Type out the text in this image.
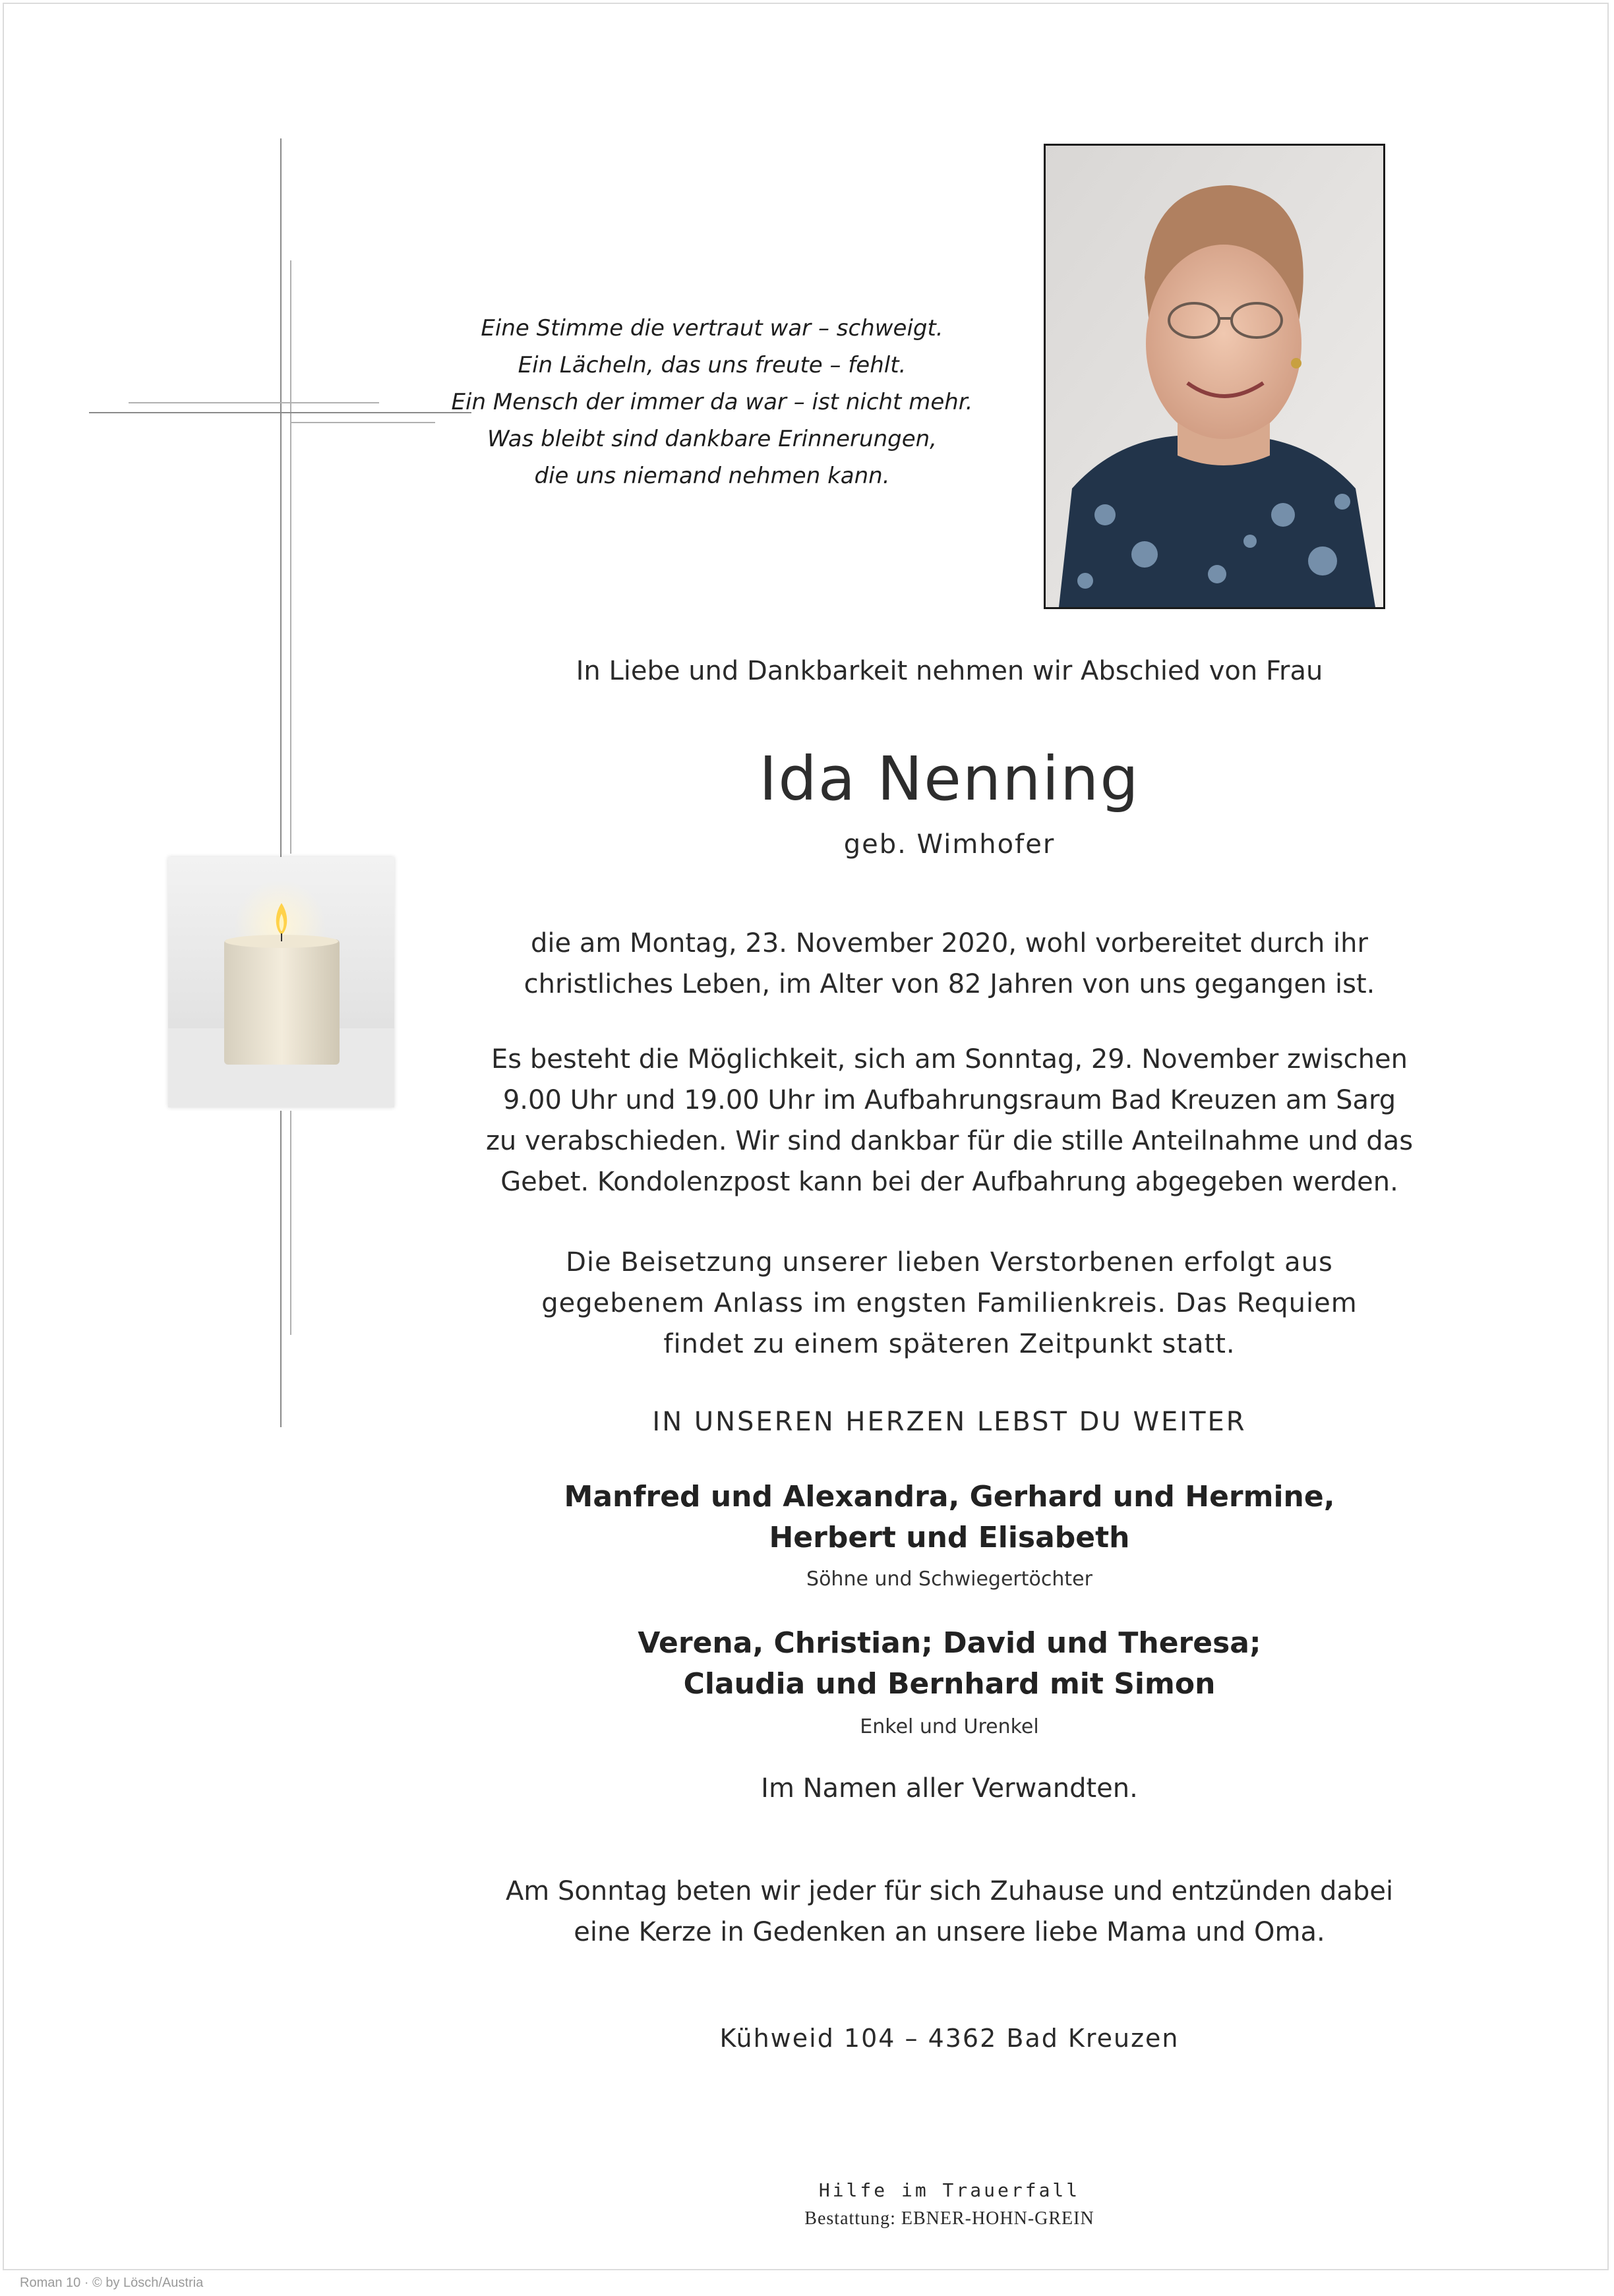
Eine Stimme die vertraut war – schweigt.
Ein Lächeln, das uns freute – fehlt.
Ein Mensch der immer da war – ist nicht mehr.
Was bleibt sind dankbare Erinnerungen,
die uns niemand nehmen kann.
In Liebe und Dankbarkeit nehmen wir Abschied von Frau
Ida Nenning
geb. Wimhofer
die am Montag, 23. November 2020, wohl vorbereitet durch ihr
christliches Leben, im Alter von 82 Jahren von uns gegangen ist.
Es besteht die Möglichkeit, sich am Sonntag, 29. November zwischen
9.00 Uhr und 19.00 Uhr im Aufbahrungsraum Bad Kreuzen am Sarg
zu verabschieden. Wir sind dankbar für die stille Anteilnahme und das
Gebet. Kondolenzpost kann bei der Aufbahrung abgegeben werden.
Die Beisetzung unserer lieben Verstorbenen erfolgt aus
gegebenem Anlass im engsten Familienkreis. Das Requiem
findet zu einem späteren Zeitpunkt statt.
IN UNSEREN HERZEN LEBST DU WEITER
Manfred und Alexandra, Gerhard und Hermine,
Herbert und Elisabeth
Söhne und Schwiegertöchter
Verena, Christian; David und Theresa;
Claudia und Bernhard mit Simon
Enkel und Urenkel
Im Namen aller Verwandten.
Am Sonntag beten wir jeder für sich Zuhause und entzünden dabei
eine Kerze in Gedenken an unsere liebe Mama und Oma.
Kühweid 104 – 4362 Bad Kreuzen
Hilfe im Trauerfall
Bestattung: EBNER-HOHN-GREIN
Roman 10 · © by Lösch/Austria
